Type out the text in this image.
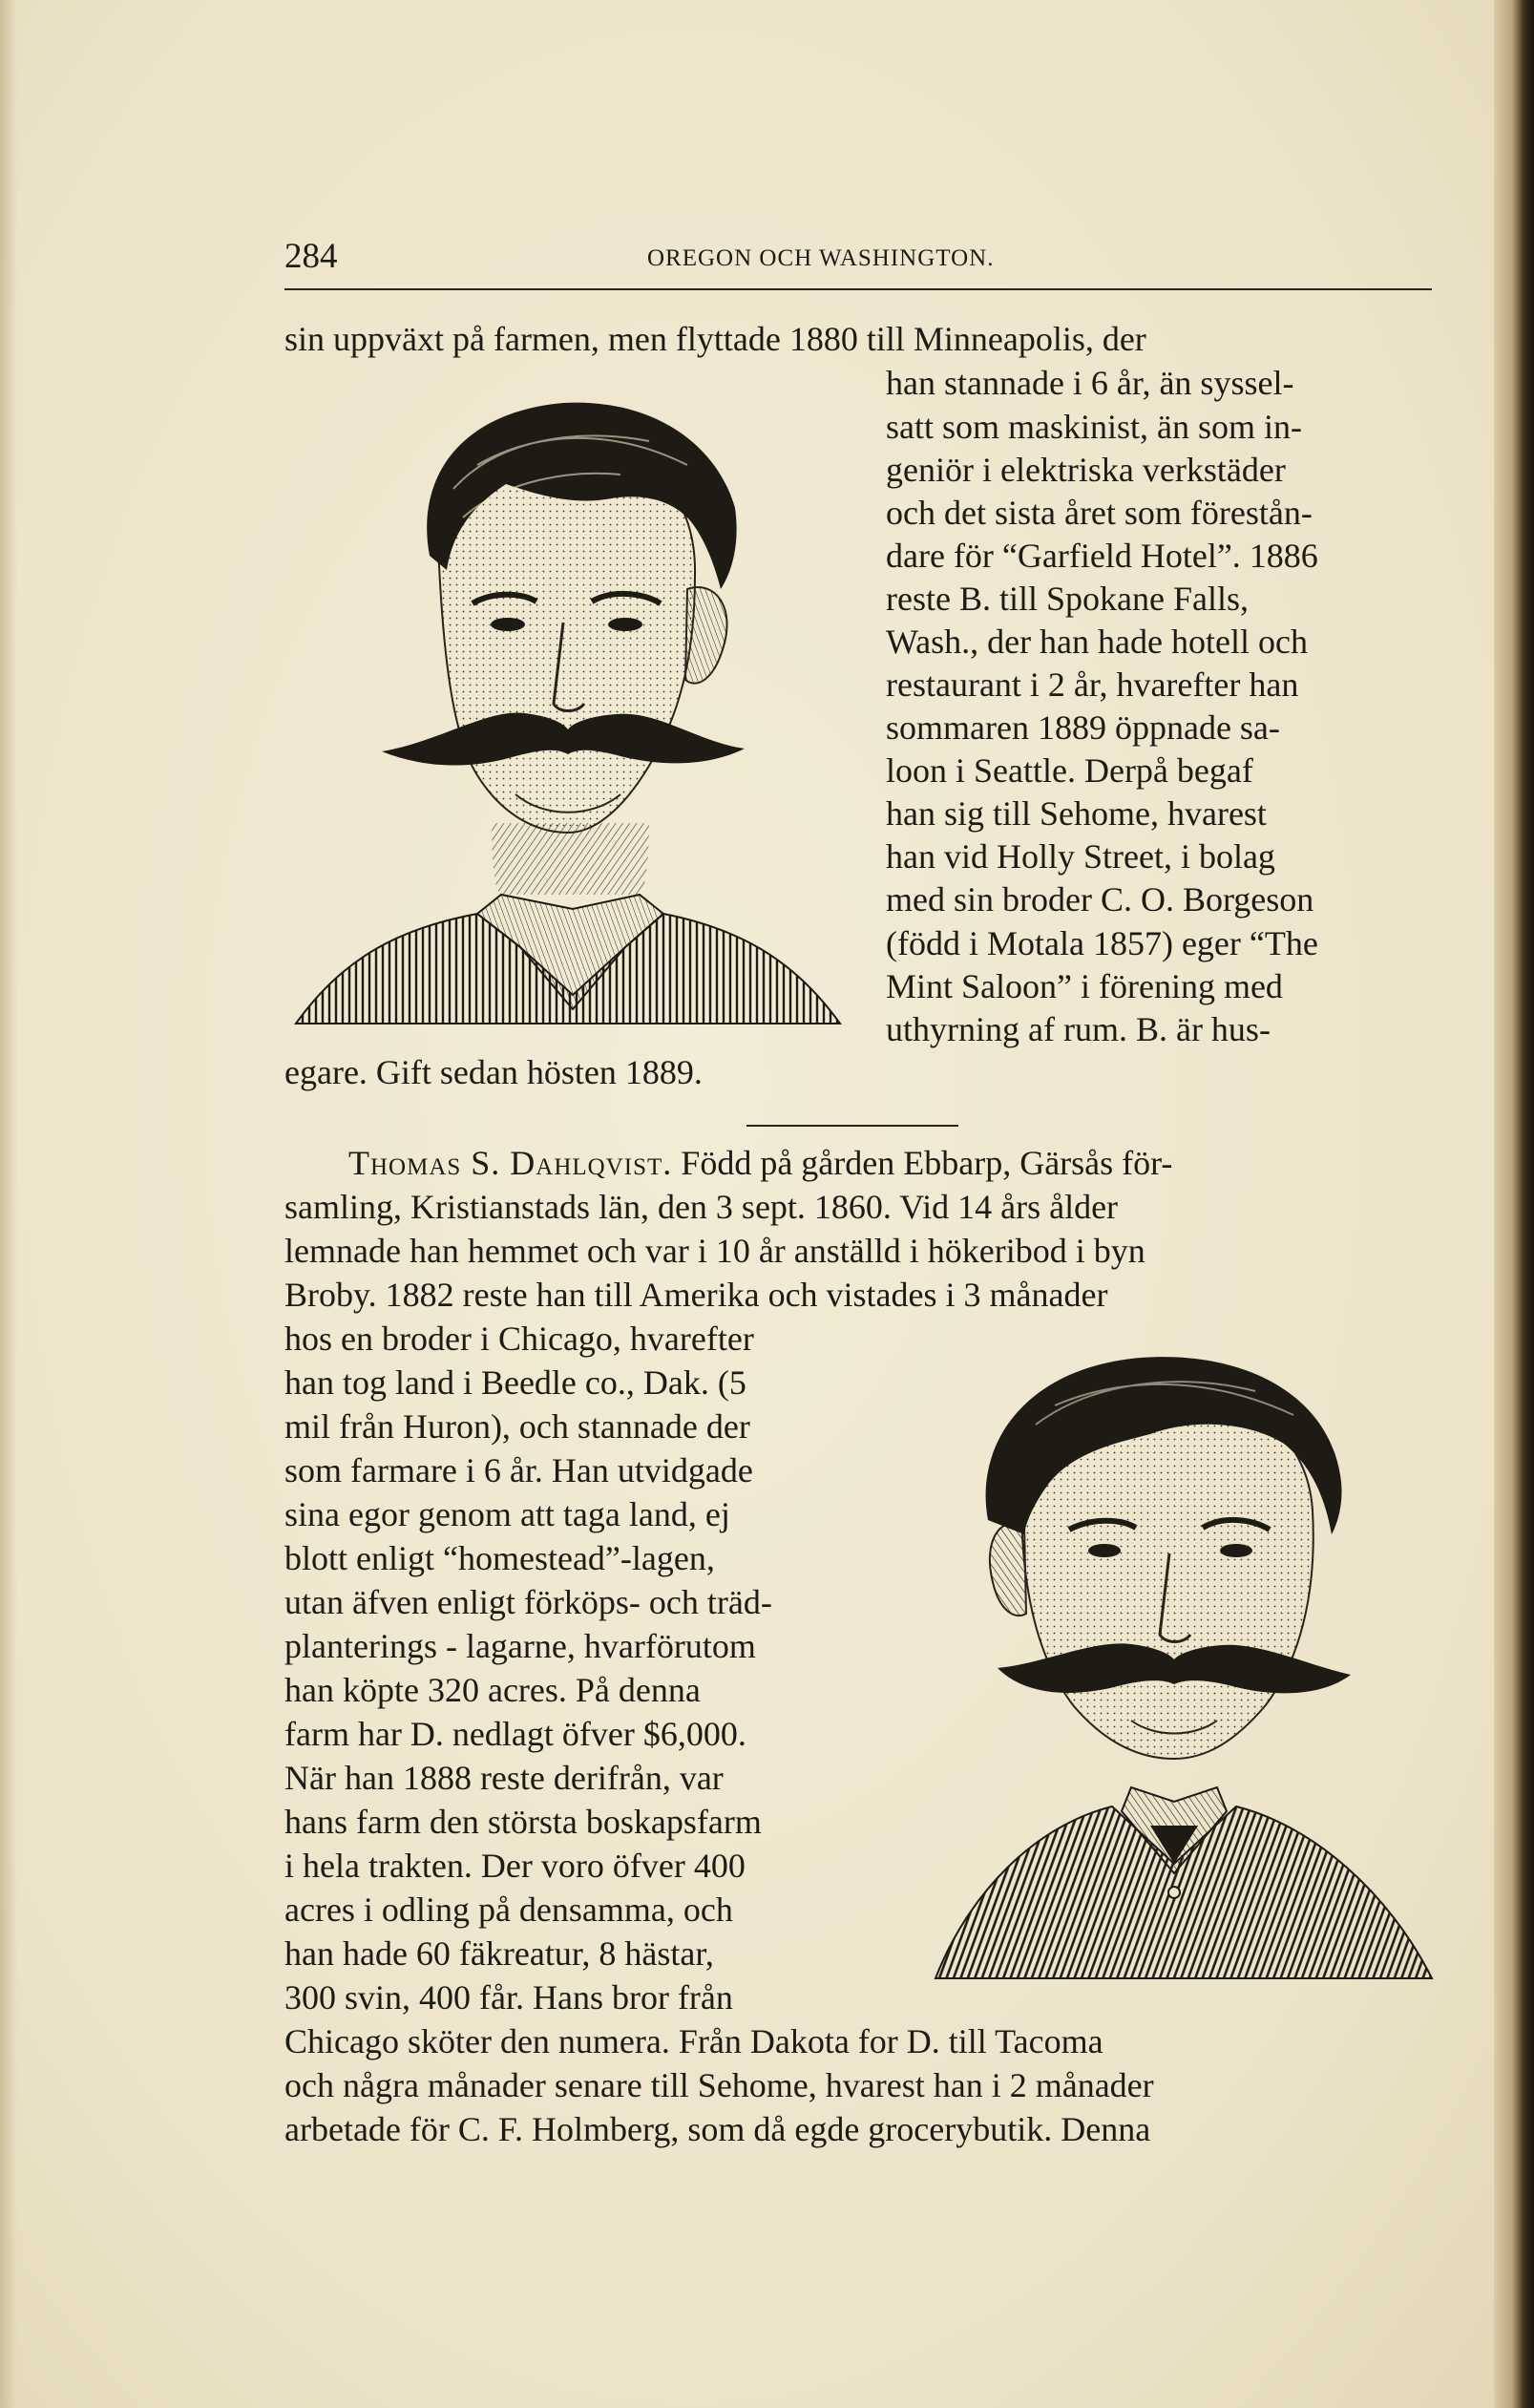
284	OREGON OCH WASHINGTON.
sin uppväxt på farmen, men flyttade 1880 till Minneapolis, der
han stannade i 6 år, än syssel-
satt som maskinist, än som in-
geniör i elektriska verkstäder
och det sista året som förestån-
dare för “Garfield Hotel”. 1886
reste B. till Spokane Falls,
Wash., der han hade hotell och
restaurant i 2 år, hvarefter han
sommaren 1889 öppnade sa-
loon i Seattle. Derpå begaf
han sig till Sehome, hvarest
han vid Holly Street, i bolag
med sin broder C. O. Borgeson
(född i Motala 1857) eger “The
Mint Saloon” i förening med
uthyrning af rum. B. är hus-
egare. Gift sedan hösten 1889.
Thomas S. Dahlqvist. Född på gården Ebbarp, Gärsås för-
samling, Kristianstads län, den 3 sept. 1860. Vid 14 års ålder
lemnade han hemmet och var i 10 år anställd i hökeribod i byn
Broby. 1882 reste han till Amerika och vistades i 3 månader
hos en broder i Chicago, hvarefter
han tog land i Beedle co., Dak. (5
mil från Huron), och stannade der
som farmare i 6 år. Han utvidgade
sina egor genom att taga land, ej
blott enligt “homestead”-lagen,
utan äfven enligt förköps- och träd-
planterings - lagarne, hvarförutom
han köpte 320 acres. På denna
farm har D. nedlagt öfver $6,000.
När han 1888 reste derifrån, var
hans farm den största boskapsfarm
i hela trakten. Der voro öfver 400
acres i odling på densamma, och
han hade 60 fäkreatur, 8 hästar,
300 svin, 400 får. Hans bror från
Chicago sköter den numera. Från Dakota for D. till Tacoma
och några månader senare till Sehome, hvarest han i 2 månader
arbetade för C. F. Holmberg, som då egde grocerybutik. Denna
